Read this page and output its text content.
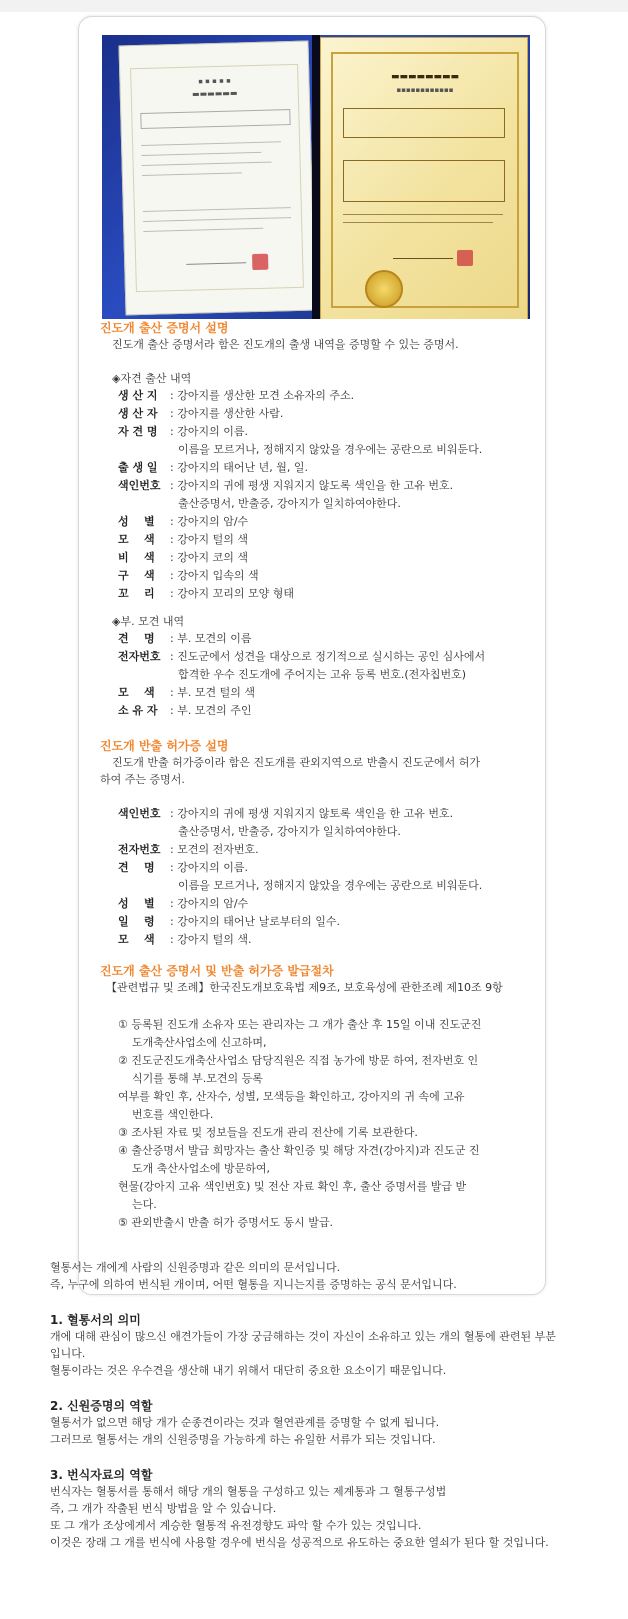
▪ ▪ ▪ ▪ ▪
▬▬▬▬▬▬
▬▬▬▬▬▬▬▬
▪▪▪▪▪▪▪▪▪▪▪▪
진도개 출산 증명서 설명
진도개 출산 증명서라 함은 진도개의 출생 내역을 증명할 수 있는 증명서.
◈자견 출산 내역
생 산 지 : 강아지를 생산한 모견 소유자의 주소.
생 산 자 : 강아지를 생산한 사람.
자 견 명 : 강아지의 이름.
이름을 모르거나, 정해지지 않았을 경우에는 공란으로 비워둔다.
출 생 일 : 강아지의 태어난 년, 월, 일.
색인번호 : 강아지의 귀에 평생 지워지지 않도록 색인을 한 고유 번호.
출산증명서, 반출증, 강아지가 일치하여야한다.
성    별 : 강아지의 암/수
모    색 : 강아지 털의 색
비    색 : 강아지 코의 색
구    색 : 강아지 입속의 색
꼬    리 : 강아지 꼬리의 모양 형태
◈부. 모견 내역
견    명 : 부. 모견의 이름
전자번호 : 진도군에서 성견을 대상으로 정기적으로 실시하는 공인 심사에서
합격한 우수 진도개에 주어지는 고유 등록 번호.(전자칩번호)
모    색 : 부. 모견 털의 색
소 유 자 : 부. 모견의 주인
진도개 반출 허가증 설명
진도개 반출 허가증이라 함은 진도개를 관외지역으로 반출시 진도군에서 허가
하여 주는 증명서.
색인번호 : 강아지의 귀에 평생 지워지지 않토록 색인을 한 고유 번호.
출산증명서, 반출증, 강아지가 일치하여야한다.
전자번호 : 모견의 전자번호.
견    명 : 강아지의 이름.
이름을 모르거나, 정해지지 않았을 경우에는 공란으로 비워둔다.
성    별 : 강아지의 암/수
일    령 : 강아지의 태어난 날로부터의 일수.
모    색 : 강아지 털의 색.
진도개 출산 증명서 및 반출 허가증 발급절차
【관련법규 및 조례】한국진도개보호육법 제9조, 보호육성에 관한조례 제10조 9항
① 등록된 진도개 소유자 또는 관리자는 그 개가 출산 후 15일 이내 진도군진
도개축산사업소에 신고하며,
② 진도군진도개축산사업소 담당직원은 직접 농가에 방문 하여, 전자번호 인
식기를 통해 부.모견의 등록
여부를 확인 후, 산자수, 성별, 모색등을 확인하고, 강아지의 귀 속에 고유
번호를 색인한다.
③ 조사된 자료 및 정보들을 진도개 관리 전산에 기록 보관한다.
④ 출산증명서 발급 희망자는 출산 확인증 및 해당 자견(강아지)과 진도군 진
도개 축산사업소에 방문하여,
현물(강아지 고유 색인번호) 및 전산 자료 확인 후, 출산 증명서를 발급 받
는다.
⑤ 관외반출시 반출 허가 증명서도 동시 발급.
혈통서는 개에게 사람의 신원증명과 같은 의미의 문서입니다.
즉, 누구에 의하여 번식된 개이며, 어떤 혈통을 지니는지를 증명하는 공식 문서입니다.
1. 혈통서의 의미
개에 대해 관심이 많으신 애견가들이 가장 궁금해하는 것이 자신이 소유하고 있는 개의 혈통에 관련된 부분
입니다.
혈통이라는 것은 우수견을 생산해 내기 위해서 대단히 중요한 요소이기 때문입니다.
2. 신원증명의 역할
혈통서가 없으면 해당 개가 순종견이라는 것과 혈연관계를 증명할 수 없게 됩니다.
그러므로 혈통서는 개의 신원증명을 가능하게 하는 유일한 서류가 되는 것입니다.
3. 번식자료의 역할
번식자는 혈통서를 통해서 해당 개의 혈통을 구성하고 있는 제계통과 그 혈통구성법
즉, 그 개가 작출된 번식 방법을 알 수 있습니다.
또 그 개가 조상에게서 계승한 혈통적 유전경향도 파악 할 수가 있는 것입니다.
이것은 장래 그 개를 번식에 사용할 경우에 번식을 성공적으로 유도하는 중요한 열쇠가 된다 할 것입니다.
